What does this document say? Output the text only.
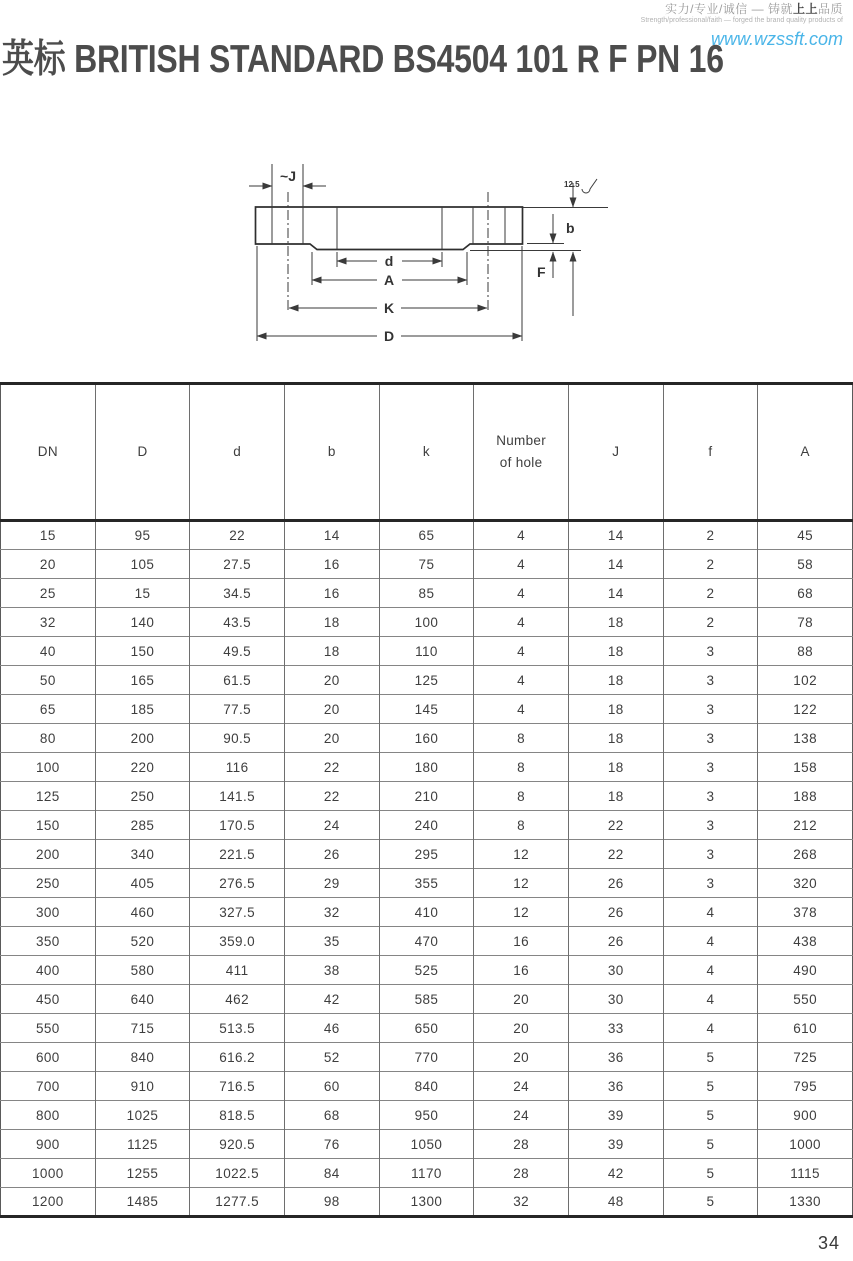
实力/专业/诚信 — 铸就上上品质
Strength/professional/faith — forged the brand quality products of
www.wzssft.com
英标 BRITISH STANDARD BS4504 101 R F PN 16
~J
12.5
b
F
d
A
K
D
DN	D	d	b	k	Number of hole	J	f	A
15	95	22	14	65	4	14	2	45
20	105	27.5	16	75	4	14	2	58
25	15	34.5	16	85	4	14	2	68
32	140	43.5	18	100	4	18	2	78
40	150	49.5	18	110	4	18	3	88
50	165	61.5	20	125	4	18	3	102
65	185	77.5	20	145	4	18	3	122
80	200	90.5	20	160	8	18	3	138
100	220	116	22	180	8	18	3	158
125	250	141.5	22	210	8	18	3	188
150	285	170.5	24	240	8	22	3	212
200	340	221.5	26	295	12	22	3	268
250	405	276.5	29	355	12	26	3	320
300	460	327.5	32	410	12	26	4	378
350	520	359.0	35	470	16	26	4	438
400	580	411	38	525	16	30	4	490
450	640	462	42	585	20	30	4	550
550	715	513.5	46	650	20	33	4	610
600	840	616.2	52	770	20	36	5	725
700	910	716.5	60	840	24	36	5	795
800	1025	818.5	68	950	24	39	5	900
900	1125	920.5	76	1050	28	39	5	1000
1000	1255	1022.5	84	1170	28	42	5	1115
1200	1485	1277.5	98	1300	32	48	5	1330
34
